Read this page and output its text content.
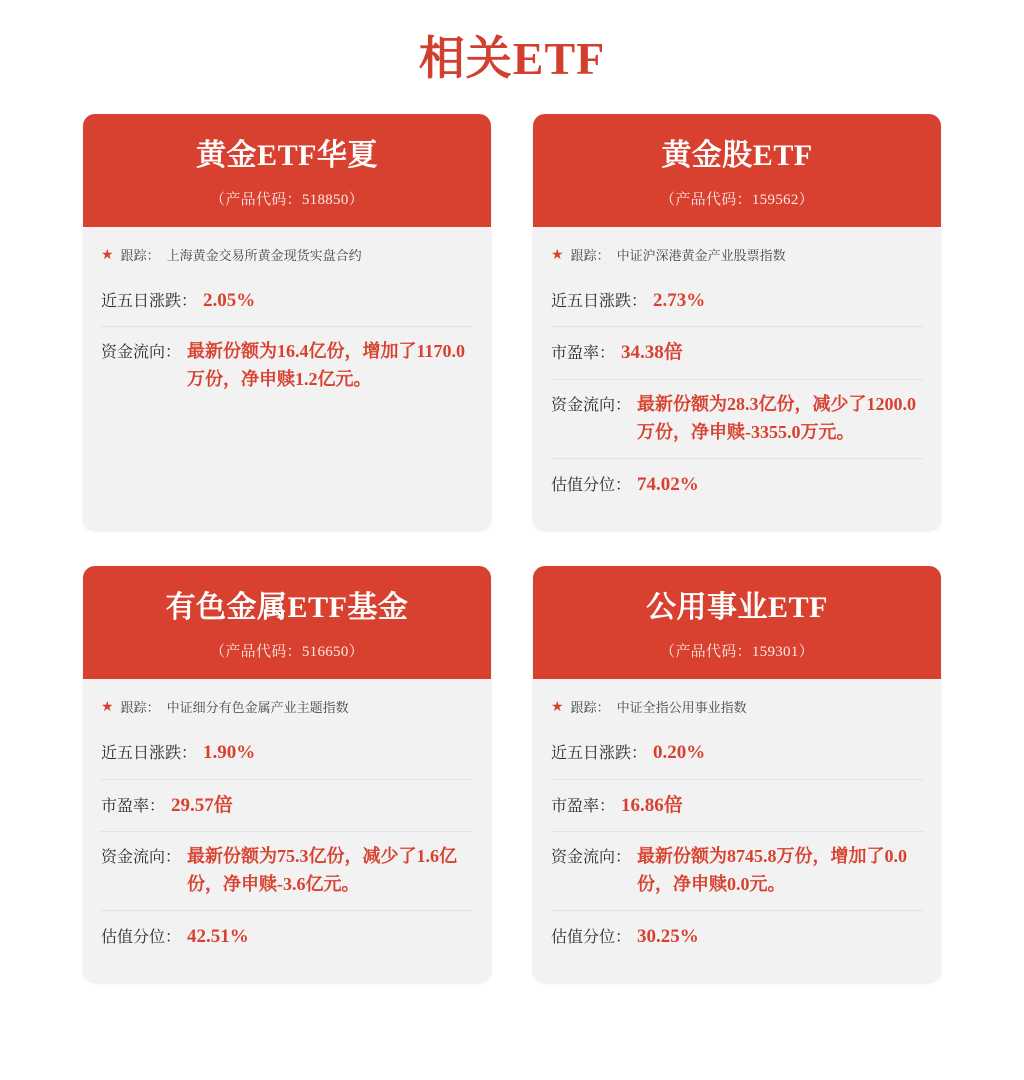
相关ETF
黄金ETF华夏
（产品代码：518850）
★ 跟踪： 上海黄金交易所黄金现货实盘合约
近五日涨跌： 2.05%
资金流向： 最新份额为16.4亿份，增加了1170.0万份，净申赎1.2亿元。
黄金股ETF
（产品代码：159562）
★ 跟踪： 中证沪深港黄金产业股票指数
近五日涨跌： 2.73%
市盈率： 34.38倍
资金流向： 最新份额为28.3亿份，减少了1200.0万份，净申赎-3355.0万元。
估值分位： 74.02%
有色金属ETF基金
（产品代码：516650）
★ 跟踪： 中证细分有色金属产业主题指数
近五日涨跌： 1.90%
市盈率： 29.57倍
资金流向： 最新份额为75.3亿份，减少了1.6亿份，净申赎-3.6亿元。
估值分位： 42.51%
公用事业ETF
（产品代码：159301）
★ 跟踪： 中证全指公用事业指数
近五日涨跌： 0.20%
市盈率： 16.86倍
资金流向： 最新份额为8745.8万份，增加了0.0份，净申赎0.0元。
估值分位： 30.25%
